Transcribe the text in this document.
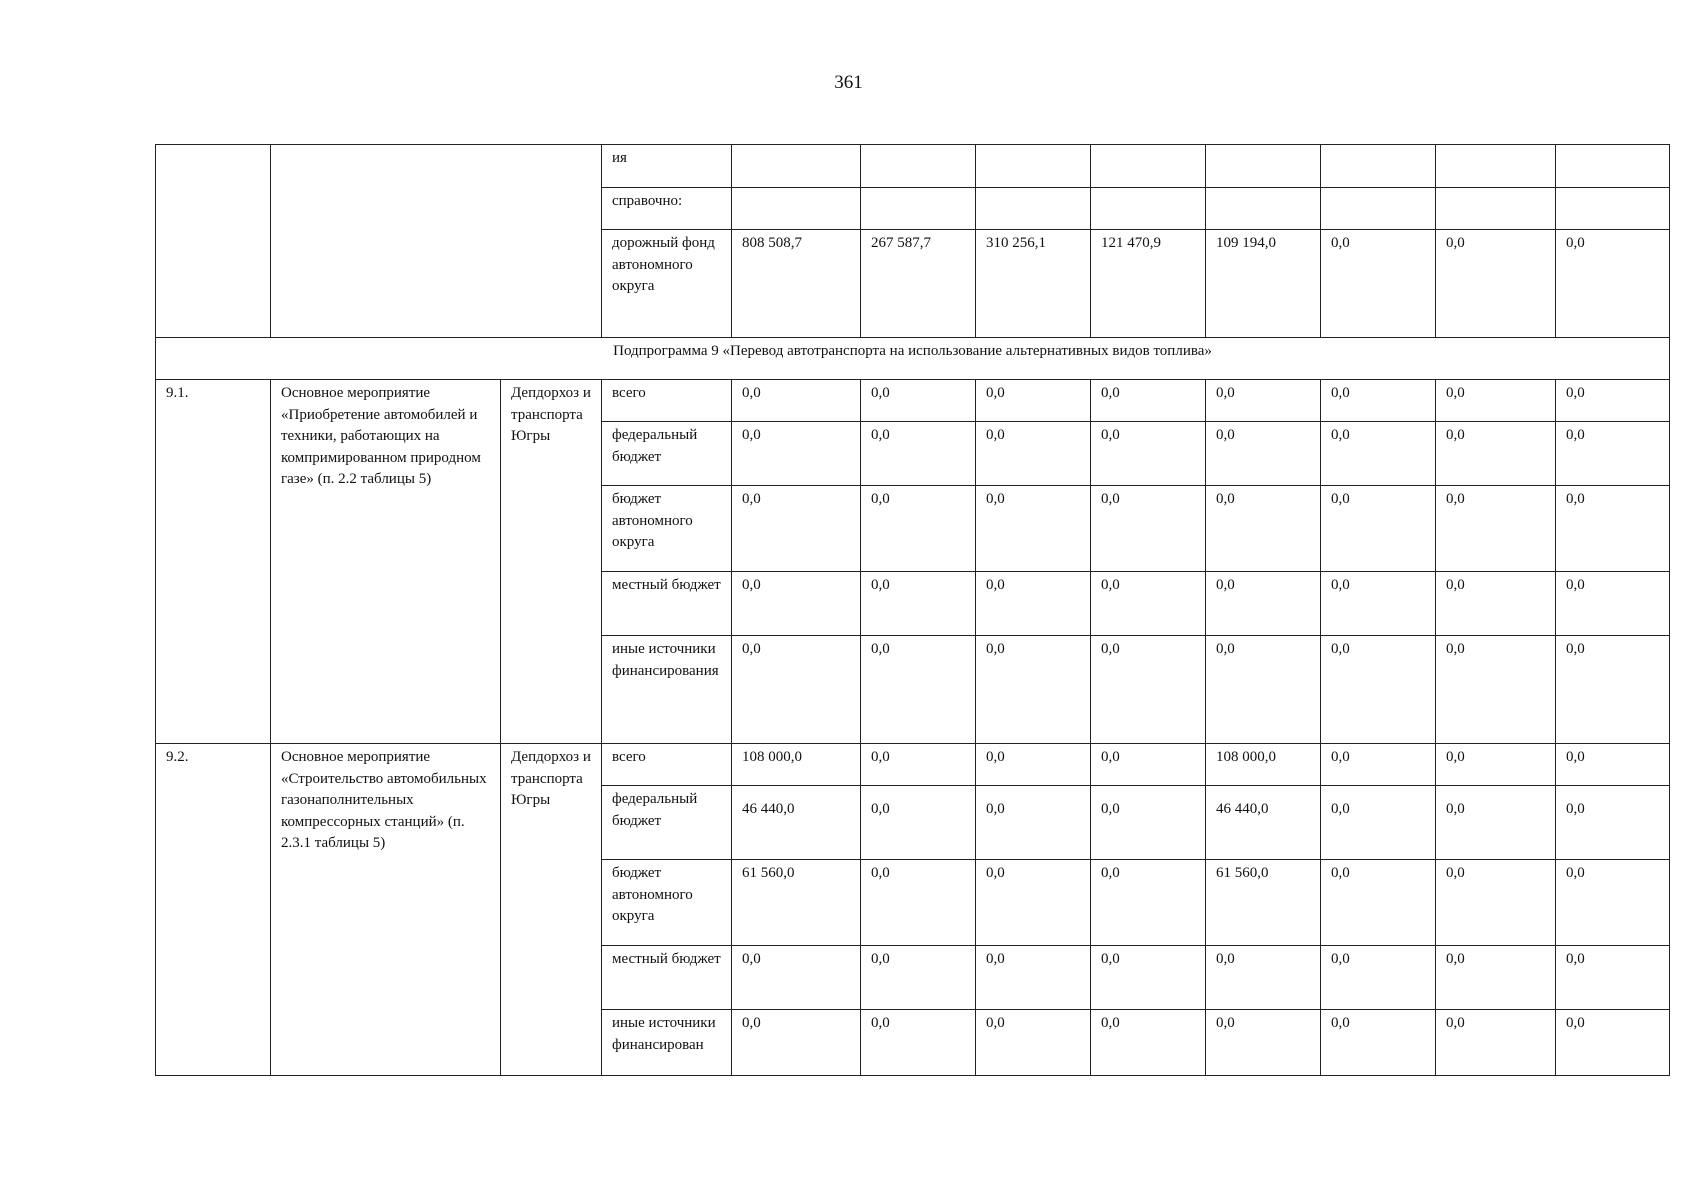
361
			ия								
			справочно:								
			дорожный фонд автономного округа	808 508,7	267 587,7	310 256,1	121 470,9	109 194,0	0,0	0,0	0,0
Подпрограмма 9 «Перевод автотранспорта на использование альтернативных видов топлива»											
9.1.	Основное мероприятие «Приобретение автомобилей и техники, работающих на компримированном природном газе» (п. 2.2 таблицы 5)	Депдорхоз и транспорта Югры	всего	0,0	0,0	0,0	0,0	0,0	0,0	0,0	0,0
			федеральный бюджет	0,0	0,0	0,0	0,0	0,0	0,0	0,0	0,0
			бюджет автономного округа	0,0	0,0	0,0	0,0	0,0	0,0	0,0	0,0
			местный бюджет	0,0	0,0	0,0	0,0	0,0	0,0	0,0	0,0
			иные источники финансирования	0,0	0,0	0,0	0,0	0,0	0,0	0,0	0,0
9.2.	Основное мероприятие «Строительство автомобильных газонаполнительных компрессорных станций» (п. 2.3.1 таблицы 5)	Депдорхоз и транспорта Югры	всего	108 000,0	0,0	0,0	0,0	108 000,0	0,0	0,0	0,0
			федеральный бюджет	46 440,0	0,0	0,0	0,0	46 440,0	0,0	0,0	0,0
			бюджет автономного округа	61 560,0	0,0	0,0	0,0	61 560,0	0,0	0,0	0,0
			местный бюджет	0,0	0,0	0,0	0,0	0,0	0,0	0,0	0,0
			иные источники финансирован	0,0	0,0	0,0	0,0	0,0	0,0	0,0	0,0
